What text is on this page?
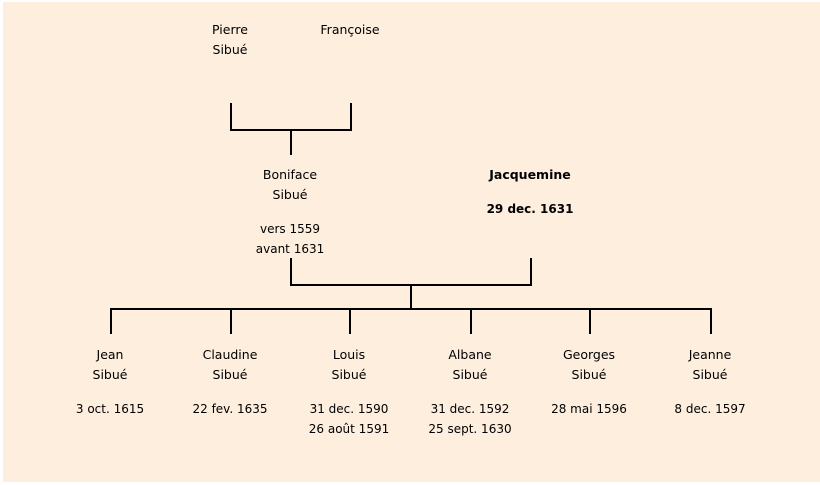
Pierre
Sibué
Françoise
Boniface
Sibué
vers 1559
avant 1631
Jacquemine
29 dec. 1631
Jean
Sibué
3 oct. 1615
Claudine
Sibué
22 fev. 1635
Louis
Sibué
31 dec. 1590
26 août 1591
Albane
Sibué
31 dec. 1592
25 sept. 1630
Georges
Sibué
28 mai 1596
Jeanne
Sibué
8 dec. 1597
